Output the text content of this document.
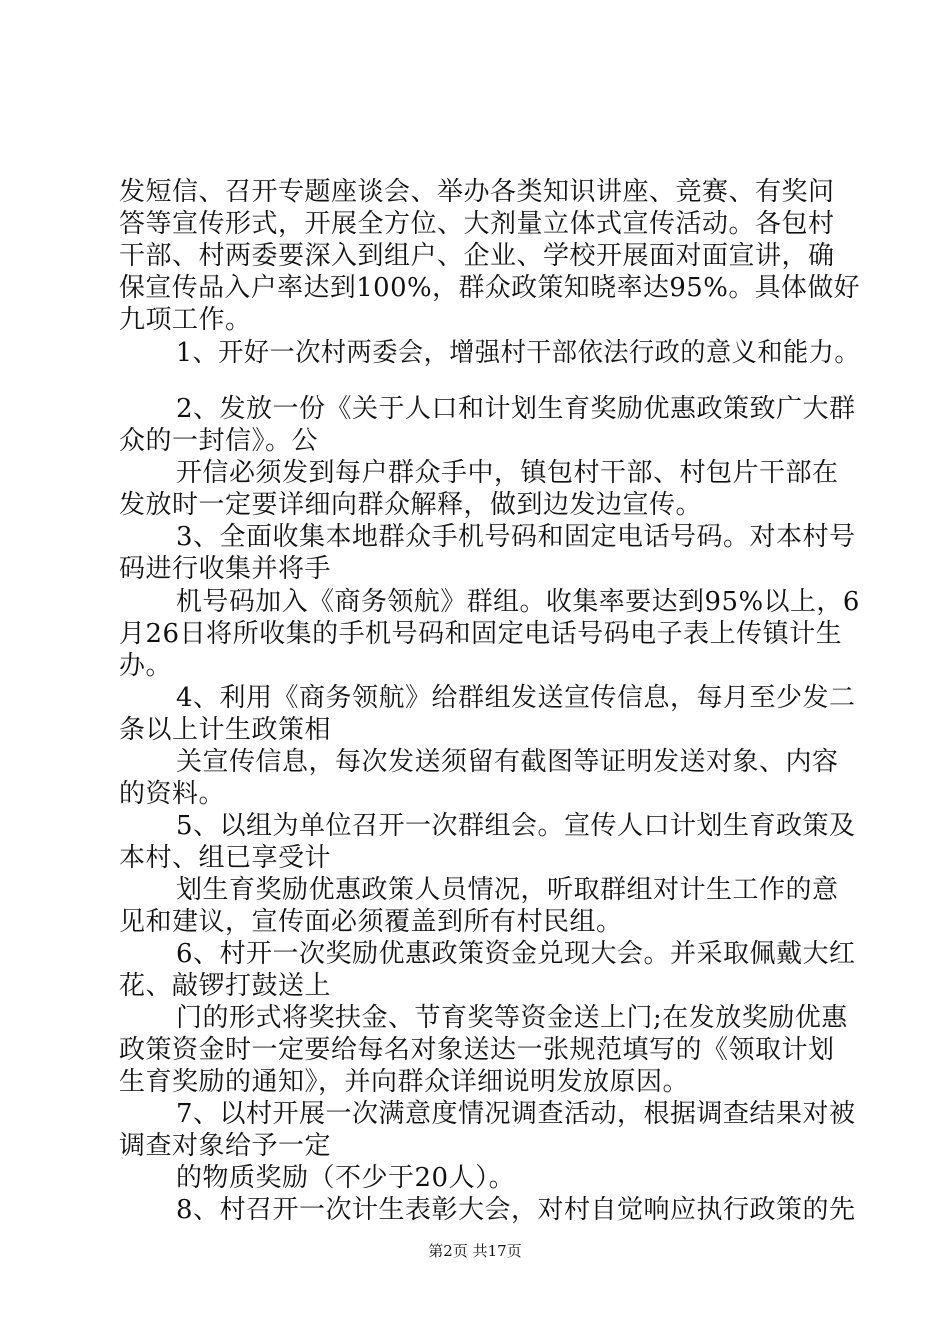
发短信、召开专题座谈会、举办各类知识讲座、竞赛、有奖问
答等宣传形式，开展全方位、大剂量立体式宣传活动。各包村
干部、村两委要深入到组户、企业、学校开展面对面宣讲，确
保宣传品入户率达到100%，群众政策知晓率达95%。具体做好
九项工作。
1、开好一次村两委会，增强村干部依法行政的意义和能力。
2、发放一份《关于人口和计划生育奖励优惠政策致广大群
众的一封信》。公
开信必须发到每户群众手中，镇包村干部、村包片干部在
发放时一定要详细向群众解释，做到边发边宣传。
3、全面收集本地群众手机号码和固定电话号码。对本村号
码进行收集并将手
机号码加入《商务领航》群组。收集率要达到95%以上，6
月26日将所收集的手机号码和固定电话号码电子表上传镇计生
办。
4、利用《商务领航》给群组发送宣传信息，每月至少发二
条以上计生政策相
关宣传信息，每次发送须留有截图等证明发送对象、内容
的资料。
5、以组为单位召开一次群组会。宣传人口计划生育政策及
本村、组已享受计
划生育奖励优惠政策人员情况，听取群组对计生工作的意
见和建议，宣传面必须覆盖到所有村民组。
6、村开一次奖励优惠政策资金兑现大会。并采取佩戴大红
花、敲锣打鼓送上
门的形式将奖扶金、节育奖等资金送上门;在发放奖励优惠
政策资金时一定要给每名对象送达一张规范填写的《领取计划
生育奖励的通知》，并向群众详细说明发放原因。
7、以村开展一次满意度情况调查活动，根据调查结果对被
调查对象给予一定
的物质奖励（不少于20人）。
8、村召开一次计生表彰大会，对村自觉响应执行政策的先
第2页 共17页
